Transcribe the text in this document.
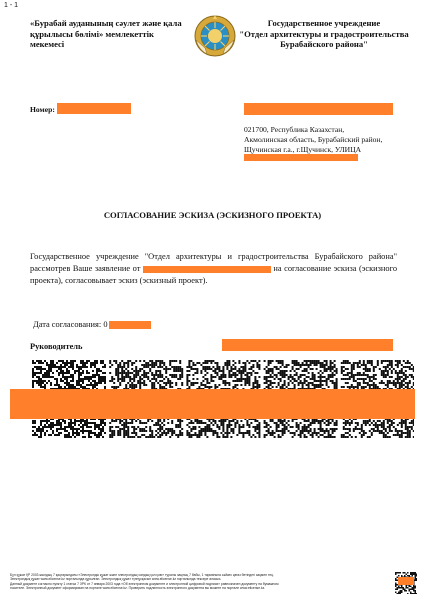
1 - 1
«Бурабай ауданының сәулет және қала құрылысы бөлімі» мемлекеттік мекемесі
Государственное учреждение
"Отдел архитектуры и градостроительства Бурабайского района"
Номер:
021700, Республика Казахстан,
Акмолинская область, Бурабайский район,
Щучинская г.а., г.Щучинск, УЛИЦА
СОГЛАСОВАНИЕ ЭСКИЗА (ЭСКИЗНОГО ПРОЕКТА)
Государственное учреждение "Отдел архитектуры и градостроительства Бурабайского района" рассмотрев Ваше заявление от	на согласование эскиза (эскизного проекта), согласовывает эскиз (эскизный проект).
Дата согласования: 0
Руководитель
Бұл құжат ҚР 2003 жылдың 7 қаңтарындағы «Электронды құжат және электрондық сандық қол қою» туралы заңның 7 бабы, 1 тармағына сәйкес қағаз бетіндегі заңмен тең.
Электрондық құжат www.elicense.kz порталында құрылған. Электрондық құжат түпнұсқасын www.elicense.kz порталында тексере аласыз.
Данный документ согласно пункту 1 статьи 7 ЗРК от 7 января 2003 года «Об электронном документе и электронной цифровой подписи» равнозначен документу на бумажном
носителе. Электронный документ сформирован на портале www.elicense.kz. Проверить подлинность электронного документа вы можете на портале www.elicense.kz.
